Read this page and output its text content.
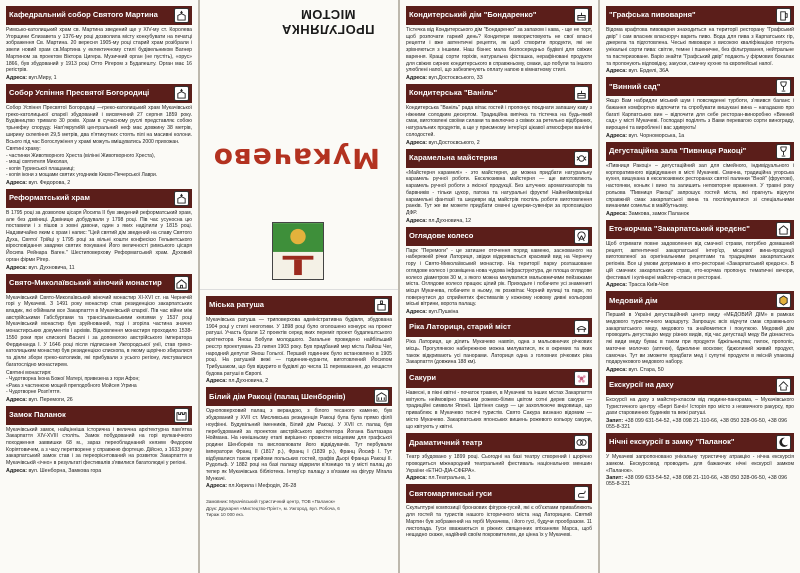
Кафедральний собор Святого Мартина
Римсько-католицький храм св. Мартина зведений ще у XIV-му ст. Королева Угорщини Єлизавета у 1376-му році дозволила місту конкубувати на печатці зображення Св. Мартина. 20 вересня 1905-му році старий храм розібрали і звели новий храм св.Мартина у еклектичному стилі будівельником Вагнер Мартином за проектом Віктора Цигера. Музичний орган (не пустіть), «орус» 1866, був збудований у 1913 році Отто Рігером з Будапешту. Орган має 16 регістрів.
Адреса: вул.Миру, 1
Собор Успіння Пресвятої Богородиці
Собор Успіння Пресвятої Богородиці —греко-католицький храм Мукачівської греко-католицької єпархії збудований і висвячений 27 серпня 1859 року. Будівництво тривало 30 років. Храм в сучасному руслі представляє собою трьнефну споруду. Нап'якругийй центральний неф має довжину 38 метрів, ширину склепіння 29,5 метрів, два п'ятикутних стоять пілі на масивні колони. Всього під час Богослужіння у храмі можуть вміщуватись 2000 прихожан.
Святині храму:
- частинки Животворного Хреста (вілінні Животворного Хреста),
- мощі святителя Миколая,
- копія Туринської плащаниці;
- копія ікони з мощами святих угодників Києво-Печерської Лаври.
Адреса: вул. Федорова, 2
Реформатський храм
В 1795 році за дозволом цісаря Йосипа II був зведений реформатський храм, але без дзвіниці. Дзвіницю добудували у 1798 році. Пів час усуносна цю поставили і з пішов з зовні дзвони, один з яких наділили у 1815 році. Надзвичайно яким є храм і напис: "Цей святий дім зведений на славу Святого Духа, Святої Трійці у 1795 році за вільні кошти конфесією Гельветського віросповідання завдяки святих покуванні Його величності римського цісаря Йосипа Рейнара Ваген." Шестиповерхову Реформатський храм. Духовий орган фірми Рігер.
Адреса: вул. Духновича, 11
Свято-Миколаївський жіночий монастир
Мукачівський Свято-Миколаївський жіночий монастир XI-XVI ст. на Чернечій горі у Мукачеві. З 1491 року монастир став резиденцією закарпатських владик, які обіймали все Закарпаття в Мукачівській єпархії. Пів час війни між австрійськими Габсбургами та трансільванськими князями у 1537 році Мукачівський монастир був зруйнований, тоді і згоріла частина значно монастирських документів і архівів. Відновлення монастиря проходило 1538-1550 роки при єпископі Василі і за допомогою австрійського імператора Фердинанда I. У 1646 році після підписання Ужгородської унії, став греко-католицьким монастир був резиденцією єпископа, в якому щорічно збиралися та діяли збори греко-католиків, які прибували з усього регіону, листувалися багатослідно монастирем.
Святині монастиря:
- Чудотворна Ікона Божої Матері, привезена з гори Афон;
«Рака з частинкою мощей преподобного Мойсея Угрина
- Чудотворне Розп'яття.
Адреса: вул. Перемоги, 26
Замок Паланок
Мукачівський замок, найцінніша історична і велична архітектурна пам'ятка Закарпаття XIV-XVIII століть. Замок побудований на горі вулканічного походження заввишки 68 м., зараз переобладнаний князем Федором Коріятовичем, а з часу перетворене у справжню фортецю. Дійсно, з 1633 року закарпатський замок став і за переорієнтований на розвиток Закарпаття в Мукачівській «ічно» в результаті фестивалів з'явилися багатолюдні у регіоні.
Адреса: вул. Шенборна, Замкова гора
ПРОГУЛЯНКА МІСТОМ
Мукачево
Міська ратуша
Мукачівська ратуша — триповерхова адміністративна будівля, збудована 1904 році у стилі неоготики. У 1898 році було оголошено конкурс на проект ратуші. Участь брали 12 проектів серед яких переміг проект будапештського архітектора Янош Бобули молодшого. Загальне проведено найбільший реєстр проектувань 23 липня 1903 року. Був придбаний мер міста Лайош Чег, народний депутат Янош Гольгої. Перший годинник було встановлено в 1905 році. На ратушній вежі — годинник-куранти, виготовлений Йосипом Трибушаком, що був відкрито в будівлі до числа 11 переважання, до нещастя будова ратуші в Європі.
Адреса: пл.Духновича, 2
Білий дім Ракоці (палац Шенборнів)
Одноповерховий палац з верандою, з білого тесаного каменю, був збудований у XVII ст. Мисливська резиденція Ракоці була була прямо філії ноуфінні. Будувільний іменників, Білий дім Ракоці. У XVII ст. палац був перебудований за проектом австрійського архітектора Йогана Балтазара Ноймана. На нинішньому етапі вирішено провести місцевим для графської родини Шенборнів та висловлювати його відвідувачів. Тут пербували імператори Франц II (1817 р.), Франц I (1839 р.), Франц Йосиф I. Тут відбувалися також прийоми польських гостей, графів Дьорі Франца Ракоці II. Рудольф. У 1882 році на базі палацу відкрили в'язницю та у місті палац до тепер як Мукачівська бібліотека. Інтер'єр палацу з в'язами на фігуру Мігала Мункачі.
Адреса: пл.Кирила і Мефодія, 26-28
Замовник: Мукачівський туристичний центр, ТОВ «Паланок»
Друк: Друкарня «Мистецтво-Прінт», м. Ужгород, вул. Робоча, 6
Тираж 10 000 екз.
Кондитерський дім "Бондаренко"
Тістечка від Кондитерського дім "Бондаренко" за запахом і кава, - ще не торт, щоб розпочати гарний день? Кондитери використовують не свої власні рецепти і вже автентичні рецепти, як щоб створити продукти, які не зрівняються з іншими. Наш бізнес мала безпосередньо будівлі для свіжих варення. Кращі сорти горіхів, натуральна фісташка, нерафіновані продукти для свіжих сирних кондитерського в справжньому, смаки, що побули та іншого улюблені напої, що забезпечують оплату напою в кімнатному стилі.
Адреса: вул.Достоєвського, 33
Кондитерська "Ваніль"
Кондитерська "Ваніль" рада вітає гостей і пропонує поєднати запашну каву з ніжними солодким десертом. Традиційна випічка та тістечка на будь-який смак, виготовлені своїми силами та виключно з свіжих за ретельно відібраних, натуральних продуктів, а ще у приємному інтер'єрі цікавої атмосфери ваніліні солодостей.
Адреса: вул.Достоєвського, 2
Карамельна майстерня
«Майстерня карамелі» - это майстерня, де можна придбати натуральну карамель ручної роботи. Ексклюзивна майстерня — ще виготовляють карамель ручної роботи з якісної продукції. Без штучних ароматизаторів та барвників - тільки цукор, патока та натуральні фрукти! Найнеймовірніші карамельні фантазії та шедеври від майстрів поспіль роботи виготовлення ранків. Тут же ви можете придбати смачні цукерки-сувеніри за пропозицією ДФР.
Адреса: пл.Духновича, 12
Оглядове колесо
Парк "Перемоги" - це затишне оточення поряд каменю, заснованого на набережній річки Латориця, звідки відкривається красивий вид на Чернечу гору і Свято-Миколаївський монастир. На території парку розташоване оглядове колесо і розміщена нова чудова інфраструктура, де площа оглядове колесо діаметром 30 м, з якого можна милуватися мальовничими пейзажами міста. Оглядове колесо працює цілий рік. Приходьте і побачите усі знамениті місця Мукачева, побачите в ньому, як розквітає Чорний вулиці та парк, по повернутися до сприйнятих фестивалів у кожному новому дивні кольорові міські вітрини, ворота палацу.
Адреса: вул.Пушкіна
Ріка Латориця, старий міст
Ріка Латориця, це ділить Мукачево навпіл, одна з мальовничих річкових місць. Прогулянкою набережною можна милуватися, як в окремих та яких також відкривають усі панорами. Латориця одна з головних річкових ріка Закарпаття (довжина 188 км).
Сакури
Навесні, в пікні квітні - початок травня, в Мукачеві та інших містах Закарпаття квітують неймовірно пишним рожево-білим цвітом сотні дерев сакури — традиційні символи Японії. Цвітіння сакур — це захоплююче видовище, що приваблює в Мукачево тисячі туристів. Свято Сакура визнано відомим — місто Мукачево. Закарпатських японських вишень рожевого кольору сакури, що квітують у квітні.
Драматичний театр
Театр збудовано у 1899 році. Сьогодні на базі театру створений і щорічно проводиться міжнародний театральний фестиваль національних меншин України «ЕТНО-ДІА-СФЕРА».
Адреса: пл.Театральна, 1
Святомартинські гуси
Скульптурні композиції бронзових фігурок-гусей, які є об'єктами приваблюють для гостей та туристів нашого історичного міста над Латорицею. Святий Мартин був зображений на гербі Мукачева, і його гусі, будучи прообразом. 11 листопада. Гуси вважаються в ріжних священних втіханням Марса, щоб нещадно скаже, надійний своїм покровителем, де цінна їх у Мукачеві.
"Графська пивоварня"
Відома крафтова пивоварня знаходиться на території ресторану "Графський двір" і сам власник власноруч варить пиво. Вода для пива з Карпатських гір, джерела та підготовлена. Чеські пивовари з високою кваліфікацією готують унікальні сорти пива: світле, темне і пшеничне, без фільтрування, нейтральне та пастеризоване. Варіо знайти "Графський двір" подають у фірмових бокалах та пропонують відповідну, закуски, смачну кухню та європейські напої.
Адреса: вул. Ерделі, 36А
"Винний сад"
Якщо Вам набридли міський шум і повсякденні турботи, з'явився баланс і бажання комфортно відпочити та спробувати вишукані вина – нагадаємо про багаті Карпатських вин – відпочити для себе ресторан-виноробню «Винний сад» у місті Мукачеві. Господарі поділять з Вами перевагою сорти винограду, вирощені та вироблені і вас здивують!
Адреса: вул. Чорноморська, 1а
Дегустаційна зала "Пивниця Ракоці"
«Пивниця Ракоці» – дегустаційний зал для сімейного, індивідуального і корпоративного відвідування в місті Мукачеві. Смачна, традиційна угорська кухня, вишукана в ексклюзивних ресторанах святої палинки "Вной" (фруктові), настоянки, коньяк і вино та залишить неповторне враження. У травні року рольова "Пивниця Ракоці" запрошує гостей міста, які прагнуть відчути справжній смак закарпатської вина та поспілкуватися зі спеціальними винаними сомельє в майбутньому.
Адреса: Замкова, замок Паланок
Ето-корчма "Закарпатський кредєнс"
Щоб отримати повне задоволення від смачної страви, потрібно домашний рецепт, автентичної закарпатської інтер'єр, місцевої вина-продукції виготовленої за оригінальними рецептами та традиціями закарпатських регіонів. Все ці умови дотримано в ето-ресторані «Закарпатський кредєнс». В цій смачних закарпатських страв, ето-корчма пропонує тематичні вечори, фестивалі і кулінарні майстер-класи в ресторані.
Адреса: Трасса Київ-Чоп
Медовий дім
Перший в Україні дегустаційний центр меду «МЕДОВИЙ ДІМ» в рамках медового туристичного маршруту. Запрошує всіх відчути смак справжнього закарпатського меду, медового та знайомитися і покупкою. Медовий дім проводить дегустацію меду різних видів, під час дегустації меду Ви дізнаєтесь які види меду буває в таком при продукти бджільництва; пилок, прополіс, маточне молочко (аптеки), бджолине воскове; бджолиний живий продукт, самочан. Тут ви зможете придбати мед і супутні продукти в якісній упаковці подарункового медового набору.
Адреса: вул. Стара, 50
Екскурсії на даху
Екскурсії на даху з майстер-класом від людини-панорама, – Мукачівського Туристичного центру «Бергі Бачі»! Історія про місто з незвичного ракурсу, про дахи старовинних будинків та вежі ратуші.
Запит: +38 099 631-54-52, +38 098 21-110-66, +38 050 328-06-50, +38 096 055-8-321
Нічні екскурсії в замку "Паланок"
У Мукачеві запропоновано унікальну туристичну атракцію - нічна екскурсія замком. Екскурсовод проводить для бажаючих нічні екскурсії замком «Паланок».
Запит: +38 099 633-54-52, +38 098 21-110-66, +38 050 328-06-50, +38 096 055-8-321
